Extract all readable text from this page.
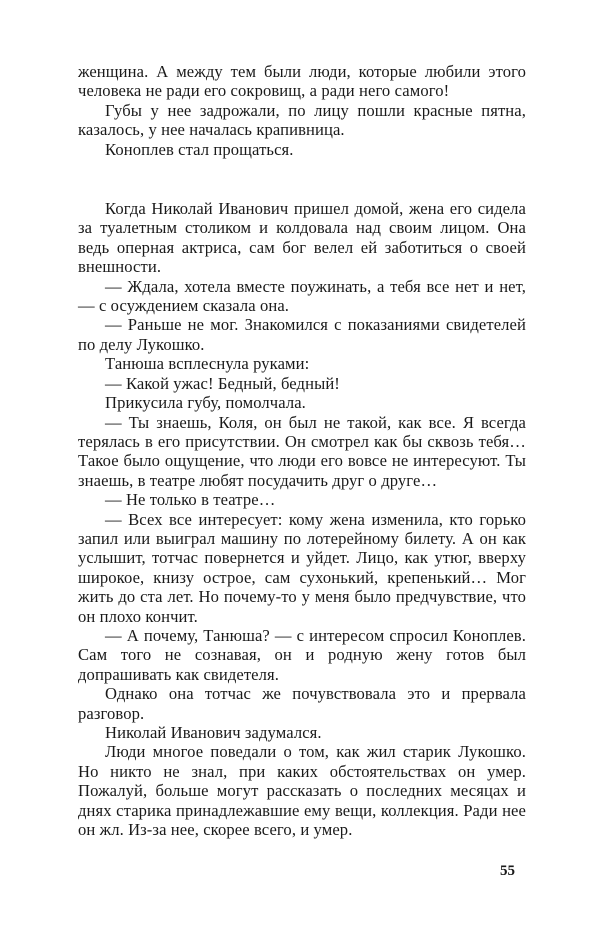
женщина. А между тем были люди, которые любили этого человека не ради его сокровищ, а ради него самого!

Губы у нее задрожали, по лицу пошли красные пятна, казалось, у нее началась крапивница.

Коноплев стал прощаться.

Когда Николай Иванович пришел домой, жена его сидела за туалетным столиком и колдовала над своим лицом. Она ведь оперная актриса, сам бог велел ей заботиться о своей внешности.

— Ждала, хотела вместе поужинать, а тебя все нет и нет, — с осуждением сказала она.

— Раньше не мог. Знакомился с показаниями свидетелей по делу Лукошко.

Танюша всплеснула руками:

— Какой ужас! Бедный, бедный!

Прикусила губу, помолчала.

— Ты знаешь, Коля, он был не такой, как все. Я всегда терялась в его присутствии. Он смотрел как бы сквозь тебя… Такое было ощущение, что люди его вовсе не интересуют. Ты знаешь, в театре любят посудачить друг о друге…

— Не только в театре…

— Всех все интересует: кому жена изменила, кто горько запил или выиграл машину по лотерейному билету. А он как услышит, тотчас повернется и уйдет. Лицо, как утюг, вверху широкое, книзу острое, сам сухонький, крепенький… Мог жить до ста лет. Но почему-то у меня было предчувствие, что он плохо кончит.

— А почему, Танюша? — с интересом спросил Коноплев. Сам того не сознавая, он и родную жену готов был допрашивать как свидетеля.

Однако она тотчас же почувствовала это и прервала разговор.

Николай Иванович задумался.

Люди многое поведали о том, как жил старик Лукошко. Но никто не знал, при каких обстоятельствах он умер. Пожалуй, больше могут рассказать о последних месяцах и днях старика принадлежавшие ему вещи, коллекция. Ради нее он жл. Из-за нее, скорее всего, и умер.

55
